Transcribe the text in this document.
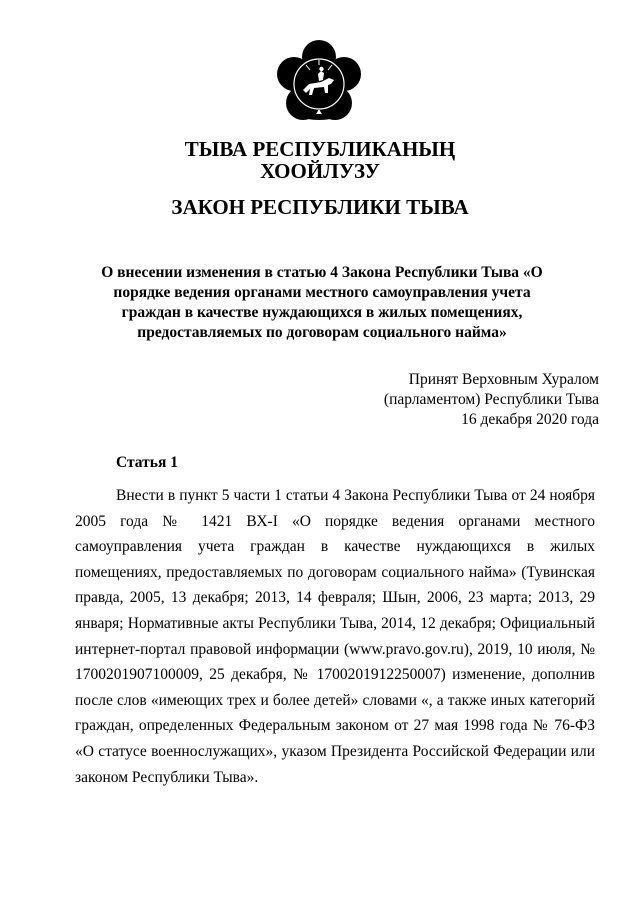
ТЫВА РЕСПУБЛИКАНЫҢ
ХООЙЛУЗУ
ЗАКОН РЕСПУБЛИКИ ТЫВА

О внесении изменения в статью 4 Закона Республики Тыва «О порядке ведения органами местного самоуправления учета граждан в качестве нуждающихся в жилых помещениях, предоставляемых по договорам социального найма»

Принят Верховным Хуралом
(парламентом) Республики Тыва
16 декабря 2020 года

Статья 1

Внести в пункт 5 части 1 статьи 4 Закона Республики Тыва от 24 ноября 2005 года № 1421 ВХ-I «О порядке ведения органами местного самоуправления учета граждан в качестве нуждающихся в жилых помещениях, предоставляемых по договорам социального найма» (Тувинская правда, 2005, 13 декабря; 2013, 14 февраля; Шын, 2006, 23 марта; 2013, 29 января; Нормативные акты Республики Тыва, 2014, 12 декабря; Официальный интернет-портал правовой информации (www.pravo.gov.ru), 2019, 10 июля, № 1700201907100009, 25 декабря, № 1700201912250007) изменение, дополнив после слов «имеющих трех и более детей» словами «, а также иных категорий граждан, определенных Федеральным законом от 27 мая 1998 года № 76-ФЗ «О статусе военнослужащих», указом Президента Российской Федерации или законом Республики Тыва».
